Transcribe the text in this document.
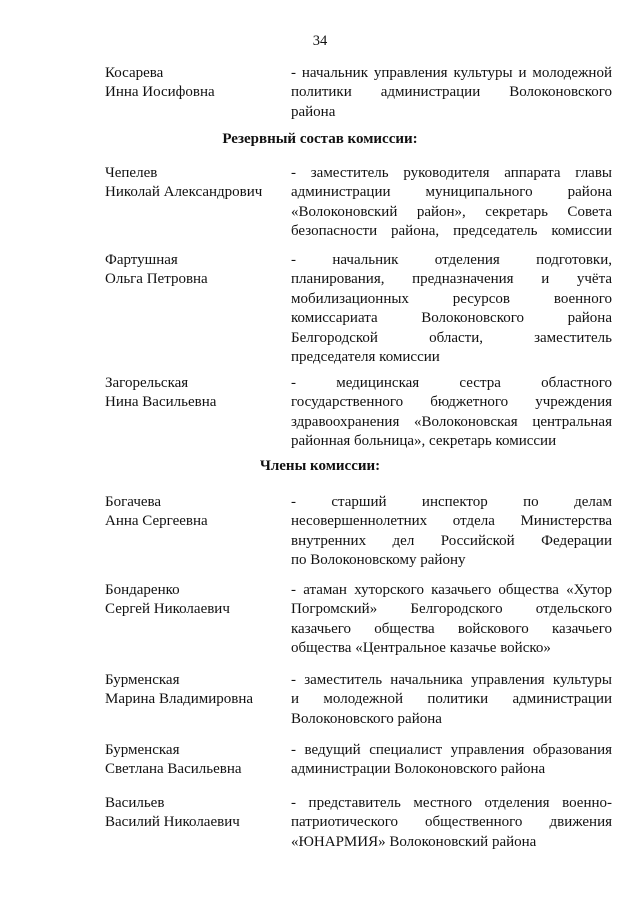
34
Косарева
Инна Иосифовна
- начальник управления культуры и молодежной
политики администрации Волоконовского
района
Резервный состав комиссии:
Чепелев
Николай Александрович
- заместитель руководителя аппарата главы
администрации муниципального района
«Волоконовский район», секретарь Совета
безопасности района, председатель комиссии
Фартушная
Ольга Петровна
- начальник отделения подготовки,
планирования, предназначения и учёта
мобилизационных ресурсов военного
комиссариата Волоконовского района
Белгородской области, заместитель
председателя комиссии
Загорельская
Нина Васильевна
- медицинская сестра областного
государственного бюджетного учреждения
здравоохранения «Волоконовская центральная
районная больница», секретарь комиссии
Члены комиссии:
Богачева
Анна Сергеевна
- старший инспектор по делам
несовершеннолетних отдела Министерства
внутренних дел Российской Федерации
по Волоконовскому району
Бондаренко
Сергей Николаевич
- атаман хуторского казачьего общества «Хутор
Погромский» Белгородского отдельского
казачьего общества войскового казачьего
общества «Центральное казачье войско»
Бурменская
Марина Владимировна
- заместитель начальника управления культуры
и молодежной политики администрации
Волоконовского района
Бурменская
Светлана Васильевна
- ведущий специалист управления образования
администрации Волоконовского района
Васильев
Василий Николаевич
- представитель местного отделения военно-
патриотического общественного движения
«ЮНАРМИЯ» Волоконовский района
